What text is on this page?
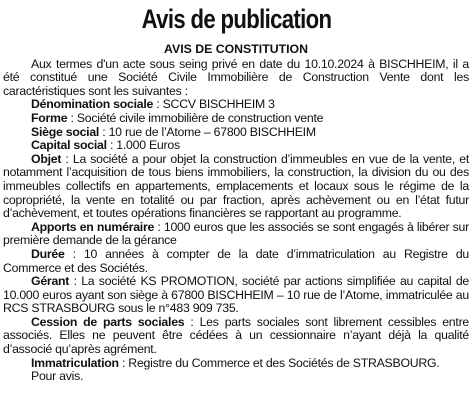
Avis de publication
AVIS DE CONSTITUTION

Aux termes d'un acte sous seing privé en date du 10.10.2024 à BISCHHEIM, il a été constitué une Société Civile Immobilière de Construction Vente dont les caractéristiques sont les suivantes :

Dénomination sociale : SCCV BISCHHEIM 3

Forme : Société civile immobilière de construction vente

Siège social : 10 rue de l’Atome – 67800 BISCHHEIM

Capital social : 1.000 Euros

Objet : La société a pour objet la construction d’immeubles en vue de la vente, et notamment l’acquisition de tous biens immobiliers, la construction, la division du ou des immeubles collectifs en appartements, emplacements et locaux sous le régime de la copropriété, la vente en totalité ou par fraction, après achèvement ou en l’état futur d’achèvement, et toutes opérations financières se rapportant au programme.

Apports en numéraire : 1000 euros que les associés se sont engagés à libérer sur première demande de la gérance

Durée : 10 années à compter de la date d’immatriculation au Registre du Commerce et des Sociétés.

Gérant : La société KS PROMOTION, société par actions simplifiée au capital de 10.000 euros ayant son siège à 67800 BISCHHEIM – 10 rue de l’Atome, immatriculée au RCS STRASBOURG sous le n°483 909 735.

Cession de parts sociales : Les parts sociales sont librement cessibles entre associés. Elles ne peuvent être cédées à un cessionnaire n’ayant déjà la qualité d’associé qu’après agrément.

Immatriculation : Registre du Commerce et des Sociétés de STRASBOURG.

Pour avis.
